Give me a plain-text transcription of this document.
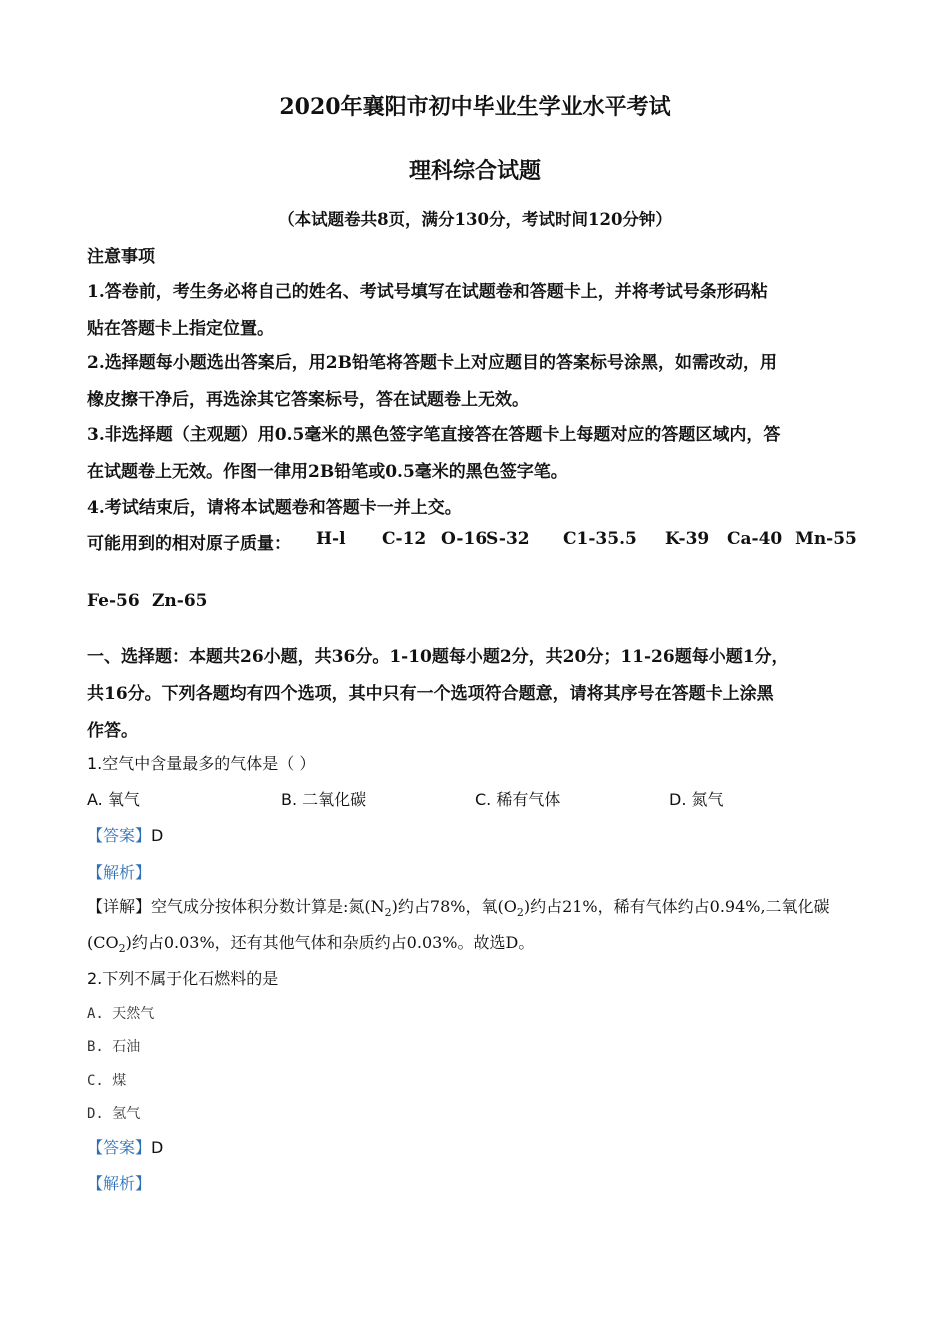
2020年襄阳市初中毕业生学业水平考试
理科综合试题
（本试题卷共8页，满分130分，考试时间120分钟）
注意事项
1.答卷前，考生务必将自己的姓名、考试号填写在试题卷和答题卡上，并将考试号条形码粘
贴在答题卡上指定位置。
2.选择题每小题选出答案后，用2B铅笔将答题卡上对应题目的答案标号涂黑，如需改动，用
橡皮擦干净后，再选涂其它答案标号，答在试题卷上无效。
3.非选择题（主观题）用0.5毫米的黑色签字笔直接答在答题卡上每题对应的答题区域内，答
在试题卷上无效。作图一律用2B铅笔或0.5毫米的黑色签字笔。
4.考试结束后，请将本试题卷和答题卡一并上交。
可能用到的相对原子质量： H-l C-12 O-16
S-32 C1-35.5 K-39 Ca-40 Mn-55
Fe-56 Zn-65
一、选择题：本题共26小题，共36分。1-10题每小题2分，共20分；11-26题每小题1分，
共16分。下列各题均有四个选项，其中只有一个选项符合题意，请将其序号在答题卡上涂黑
作答。
1.空气中含量最多的气体是（ ）
A. 氧气	B. 二氧化碳	C. 稀有气体	D. 氮气
【答案】D
【解析】
【详解】空气成分按体积分数计算是:氮$(N_2)$约占78%，氧$(O_2)$约占21%，稀有气体约占0.94%,二氧化碳
$(CO_2)$约占0.03%，还有其他气体和杂质约占0.03%。故选D。
2.下列不属于化石燃料的是
A. 天然气
B. 石油
C. 煤
D. 氢气
【答案】D
【解析】
